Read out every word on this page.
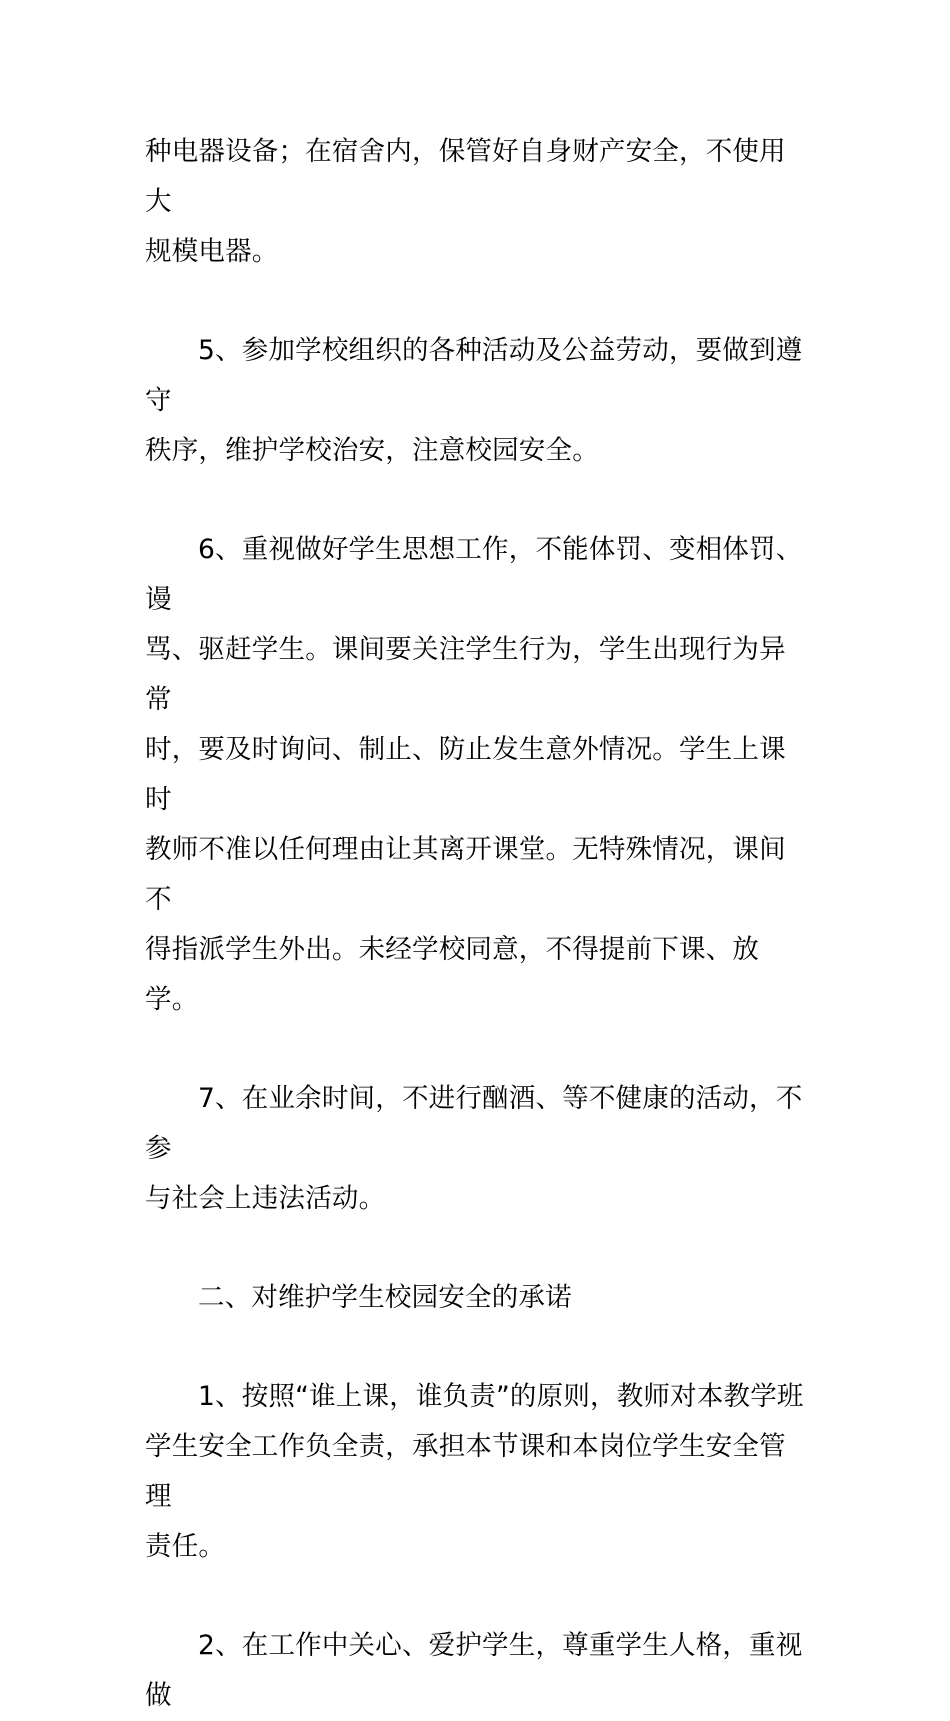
种电器设备；在宿舍内，保管好自身财产安全，不使用大
规模电器。
5、参加学校组织的各种活动及公益劳动，要做到遵守
秩序，维护学校治安，注意校园安全。
6、重视做好学生思想工作，不能体罚、变相体罚、谩
骂、驱赶学生。课间要关注学生行为，学生出现行为异常
时，要及时询问、制止、防止发生意外情况。学生上课时
教师不准以任何理由让其离开课堂。无特殊情况，课间不
得指派学生外出。未经学校同意，不得提前下课、放学。
7、在业余时间，不进行酗酒、等不健康的活动，不参
与社会上违法活动。
二、对维护学生校园安全的承诺
1、按照“谁上课，谁负责”的原则，教师对本教学班
学生安全工作负全责，承担本节课和本岗位学生安全管理
责任。
2、在工作中关心、爱护学生，尊重学生人格，重视做
